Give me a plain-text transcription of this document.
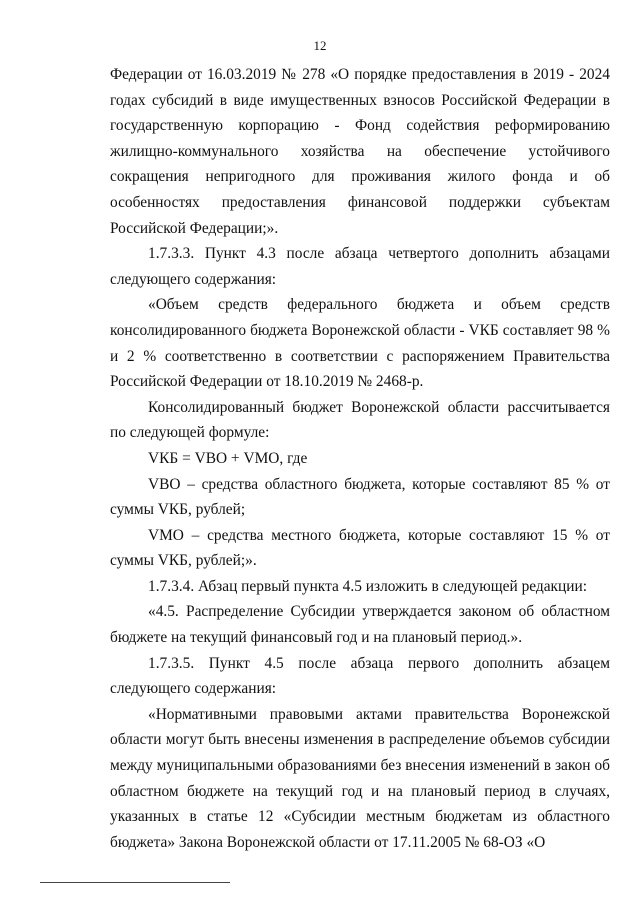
12

Федерации от 16.03.2019 № 278 «О порядке предоставления в 2019 - 2024 годах субсидий в виде имущественных взносов Российской Федерации в государственную корпорацию - Фонд содействия реформированию жилищно-коммунального хозяйства на обеспечение устойчивого сокращения непригодного для проживания жилого фонда и об особенностях предоставления финансовой поддержки субъектам Российской Федерации;».

1.7.3.3. Пункт 4.3 после абзаца четвертого дополнить абзацами следующего содержания:

«Объем средств федерального бюджета и объем средств консолидированного бюджета Воронежской области - VКБ составляет 98 % и 2 % соответственно в соответствии с распоряжением Правительства Российской Федерации от 18.10.2019 № 2468-р.

Консолидированный бюджет Воронежской области рассчитывается по следующей формуле:

VКБ = VВО + VМО, где

VВО – средства областного бюджета, которые составляют 85 % от суммы VКБ, рублей;

VМО – средства местного бюджета, которые составляют 15 % от суммы VКБ, рублей;».

1.7.3.4. Абзац первый пункта 4.5 изложить в следующей редакции:

«4.5. Распределение Субсидии утверждается законом об областном бюджете на текущий финансовый год и на плановый период.».

1.7.3.5. Пункт 4.5 после абзаца первого дополнить абзацем следующего содержания:

«Нормативными правовыми актами правительства Воронежской области могут быть внесены изменения в распределение объемов субсидии между муниципальными образованиями без внесения изменений в закон об областном бюджете на текущий год и на плановый период в случаях, указанных в статье 12 «Субсидии местным бюджетам из областного бюджета» Закона Воронежской области от 17.11.2005 № 68-ОЗ «О
